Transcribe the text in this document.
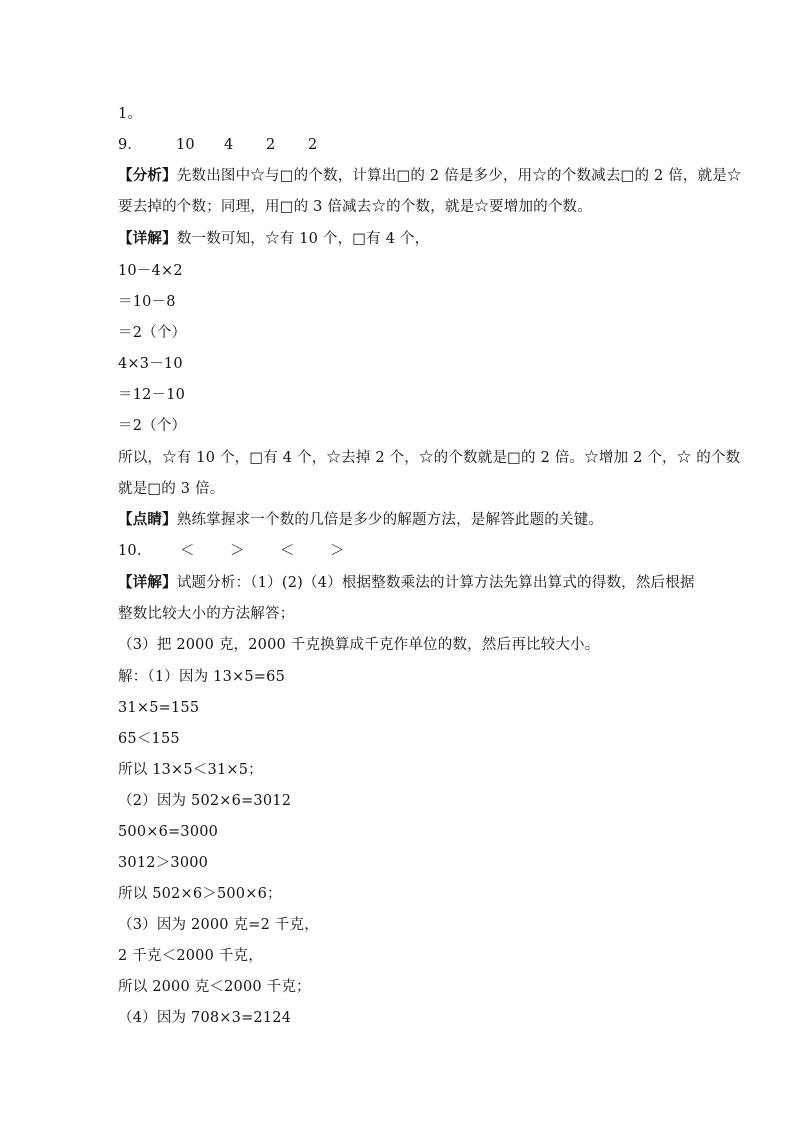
1。
9． 10 4 2 2
【分析】先数出图中☆与□的个数，计算出□的 2 倍是多少，用☆的个数减去□的 2 倍，就是☆
要去掉的个数；同理，用□的 3 倍减去☆的个数，就是☆要增加的个数。
【详解】数一数可知，☆有 10 个，□有 4 个，
10－4×2
＝10－8
＝2（个）
4×3－10
＝12－10
＝2（个）
所以，☆有 10 个，□有 4 个，☆去掉 2 个，☆的个数就是□的 2 倍。☆增加 2 个，☆ 的个数
就是□的 3 倍。
【点睛】熟练掌握求一个数的几倍是多少的解题方法，是解答此题的关键。
10． ＜ ＞ ＜ ＞
【详解】试题分析：（1）(2)（4）根据整数乘法的计算方法先算出算式的得数，然后根据
整数比较大小的方法解答；
（3）把 2000 克，2000 千克换算成千克作单位的数，然后再比较大小。
解：（1）因为 13×5=65
31×5=155
65＜155
所以 13×5＜31×5；
（2）因为 502×6=3012
500×6=3000
3012＞3000
所以 502×6＞500×6；
（3）因为 2000 克=2 千克，
2 千克＜2000 千克，
所以 2000 克＜2000 千克；
（4）因为 708×3=2124
